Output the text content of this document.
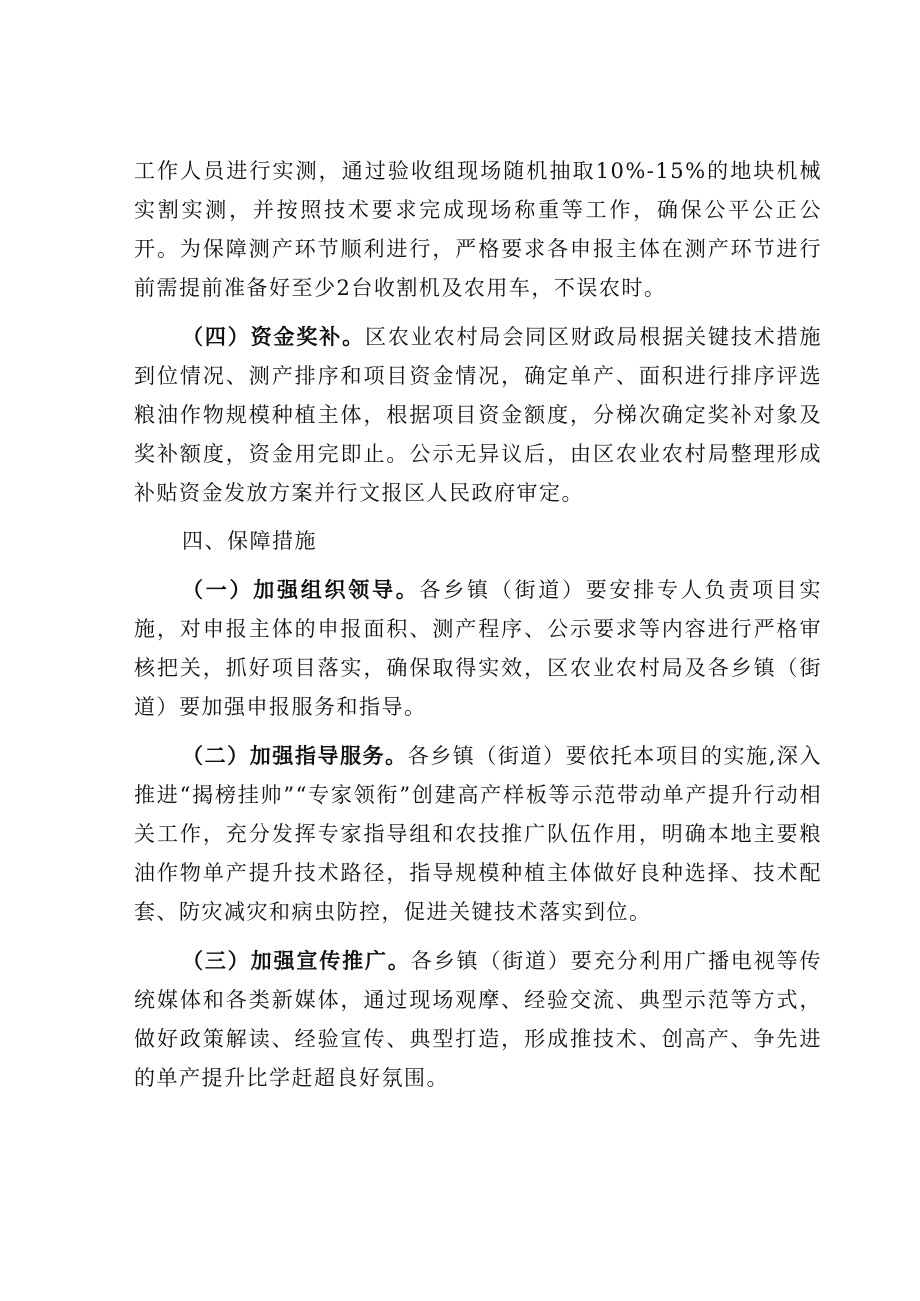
工作人员进行实测，通过验收组现场随机抽取10%-15%的地块机械实割实测，并按照技术要求完成现场称重等工作，确保公平公正公开。为保障测产环节顺利进行，严格要求各申报主体在测产环节进行前需提前准备好至少2台收割机及农用车，不误农时。

（四）资金奖补。区农业农村局会同区财政局根据关键技术措施到位情况、测产排序和项目资金情况，确定单产、面积进行排序评选粮油作物规模种植主体，根据项目资金额度，分梯次确定奖补对象及奖补额度，资金用完即止。公示无异议后，由区农业农村局整理形成补贴资金发放方案并行文报区人民政府审定。

四、保障措施

（一）加强组织领导。各乡镇（街道）要安排专人负责项目实施，对申报主体的申报面积、测产程序、公示要求等内容进行严格审核把关，抓好项目落实，确保取得实效，区农业农村局及各乡镇（街道）要加强申报服务和指导。

（二）加强指导服务。各乡镇（街道）要依托本项目的实施,深入推进“揭榜挂帅”“专家领衔”创建高产样板等示范带动单产提升行动相关工作，充分发挥专家指导组和农技推广队伍作用，明确本地主要粮油作物单产提升技术路径，指导规模种植主体做好良种选择、技术配套、防灾减灾和病虫防控，促进关键技术落实到位。

（三）加强宣传推广。各乡镇（街道）要充分利用广播电视等传统媒体和各类新媒体，通过现场观摩、经验交流、典型示范等方式，做好政策解读、经验宣传、典型打造，形成推技术、创高产、争先进的单产提升比学赶超良好氛围。
